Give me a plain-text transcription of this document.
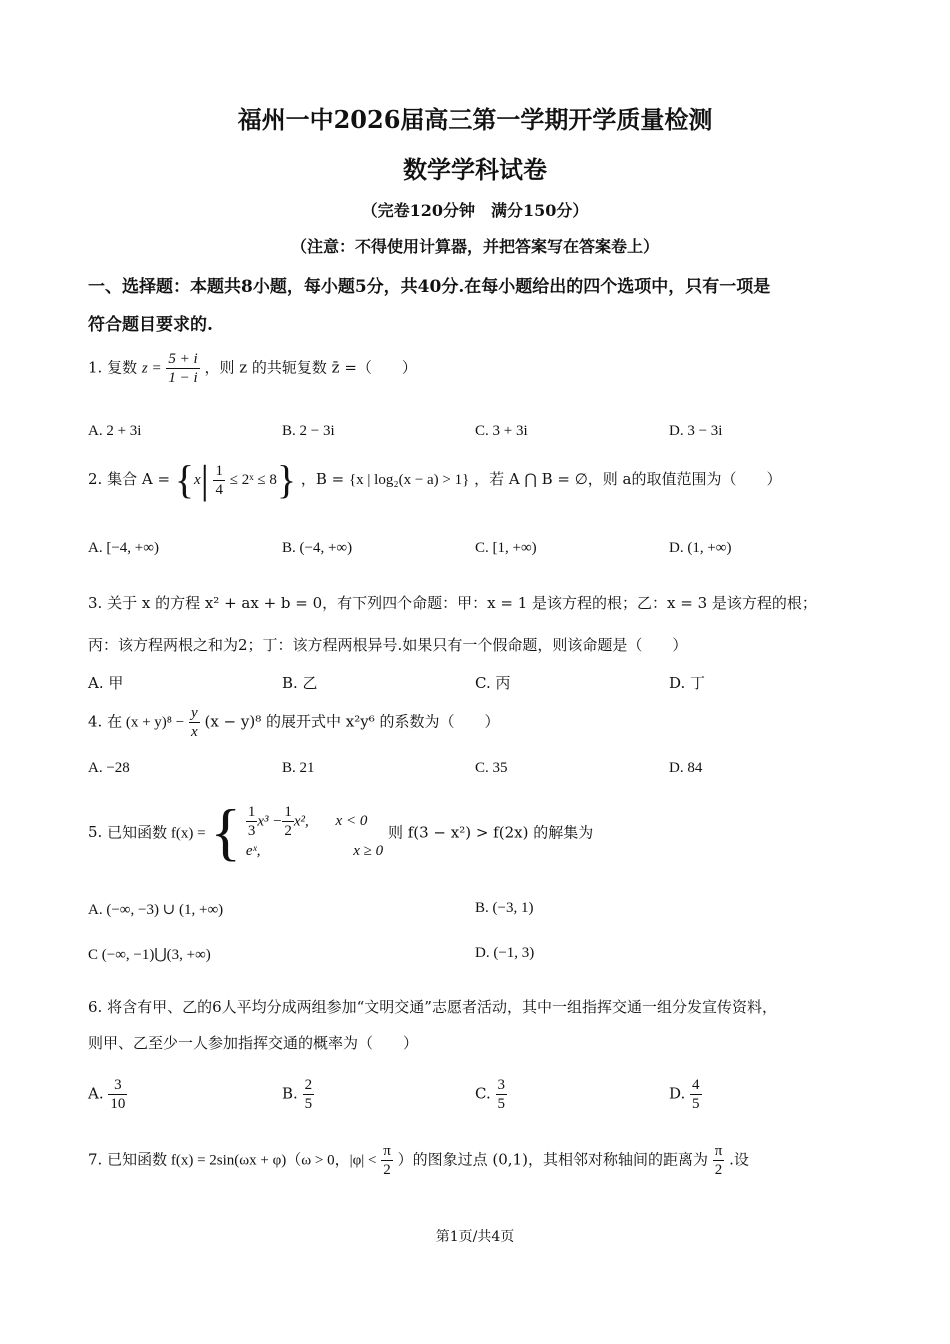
福州一中2026届高三第一学期开学质量检测
数学学科试卷
（完卷120分钟　满分150分）
（注意：不得使用计算器，并把答案写在答案卷上）
一、选择题：本题共8小题，每小题5分，共40分.在每小题给出的四个选项中，只有一项是
符合题目要求的.
1. 复数 $z = \frac{5 + i}{1 - i}$ ，则 z 的共轭复数 z̄ =（　　）
A. 2 + 3i	B. 2 − 3i	C. 3 + 3i	D. 3 − 3i
2. 集合 $A = \{x| \frac{1}{4}$ ≤ 2ˣ ≤ 8} ，B = {x | log₂(x − a) > 1} ，若 A ⋂ B = ∅，则 a的取值范围为（　　）
A. [−4, +∞)	B. (−4, +∞)	C. [1, +∞)	D. (1, +∞)
3. 关于 x 的方程 x² + ax + b = 0，有下列四个命题：甲：x = 1 是该方程的根；乙：x = 3 是该方程的根；
丙：该方程两根之和为2；丁：该方程两根异号.如果只有一个假命题，则该命题是（　　）
A. 甲	B. 乙	C. 丙	D. 丁
4. 在 $(x + y)^8 - \frac{y}{x} (x - y)^8$ 的展开式中 x²y⁶ 的系数为（　　）
A. −28	B. 21	C. 35	D. 84
5. 已知函数 f(x) = { $\frac{1}{3} x^3 - \frac{1}{2} x^2$, x < 0
eˣ,	x ≥ 0
则 f(3 − x²) > f(2x) 的解集为
A. (−∞, −3) ∪ (1, +∞)	B. (−3, 1)
C (−∞, −1)⋃(3, +∞)	D. (−1, 3)
6. 将含有甲、乙的6人平均分成两组参加“文明交通”志愿者活动，其中一组指挥交通一组分发宣传资料，
则甲、乙至少一人参加指挥交通的概率为（　　）
A. $\frac{3}{10}$	B. $\frac{2}{5}$	C. $\frac{3}{5}$	D. $\frac{4}{5}$
7. 已知函数 f(x) = 2sin(ωx + φ)（ω > 0，$|\varphi| < \frac{\pi}{2}$ ）的图象过点 (0,1)，其相邻对称轴间的距离为 $\frac{\pi}{2}$ .设
第1页/共4页
